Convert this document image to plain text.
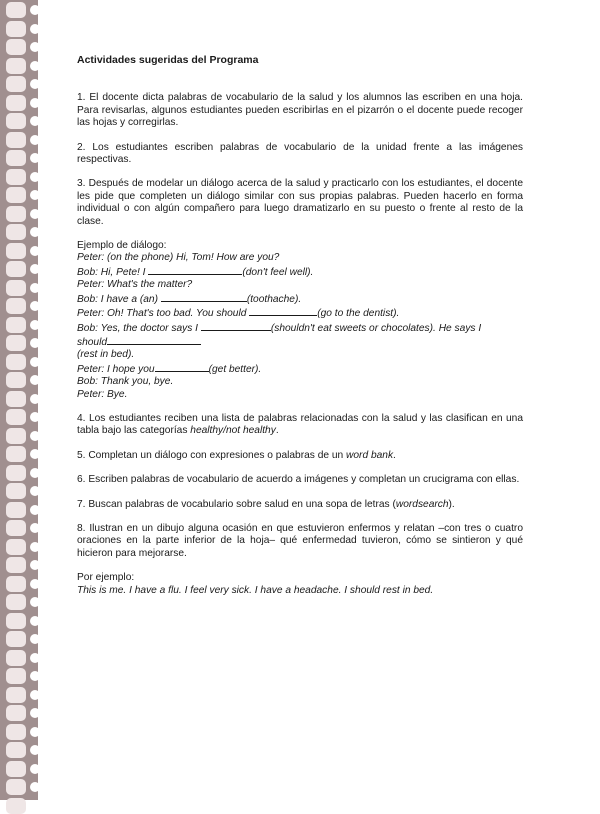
Actividades sugeridas del Programa

1. El docente dicta palabras de vocabulario de la salud y los alumnos las escriben en una hoja. Para revisarlas, algunos estudiantes pueden escribirlas en el pizarrón o el docente puede recoger las hojas y corregirlas.

2. Los estudiantes escriben palabras de vocabulario de la unidad frente a las imágenes respectivas.

3. Después de modelar un diálogo acerca de la salud y practicarlo con los estudiantes, el docente les pide que completen un diálogo similar con sus propias palabras. Pueden hacerlo en forma individual o con algún compañero para luego dramatizarlo en su puesto o frente al resto de la clase.

Ejemplo de diálogo:

Peter: (on the phone) Hi, Tom! How are you?

Bob: Hi, Pete! I	(don't feel well).

Peter: What's the matter?

Bob: I have a (an)	(toothache).

Peter: Oh! That's too bad. You should	(go to the dentist).

Bob: Yes, the doctor says I	(shouldn't eat sweets or chocolates). He says I

should

(rest in bed).

Peter: I hope you	(get better).

Bob: Thank you, bye.

Peter: Bye.

4. Los estudiantes reciben una lista de palabras relacionadas con la salud y las clasifican en una tabla bajo las categorías healthy/not healthy.

5. Completan un diálogo con expresiones o palabras de un word bank.

6. Escriben palabras de vocabulario de acuerdo a imágenes y completan un crucigrama con ellas.

7. Buscan palabras de vocabulario sobre salud en una sopa de letras (wordsearch).

8. Ilustran en un dibujo alguna ocasión en que estuvieron enfermos y relatan –con tres o cuatro oraciones en la parte inferior de la hoja– qué enfermedad tuvieron, cómo se sintieron y qué hicieron para mejorarse.

Por ejemplo:

This is me. I have a flu. I feel very sick. I have a headache. I should rest in bed.
